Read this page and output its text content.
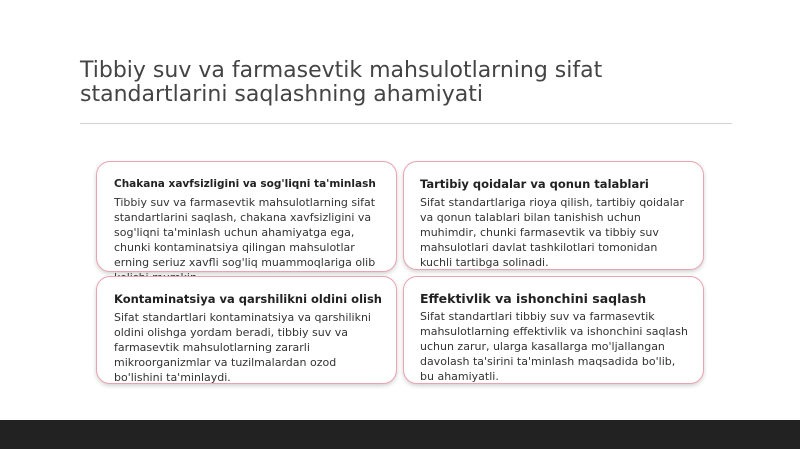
Tibbiy suv va farmasevtik mahsulotlarning sifat standartlarini saqlashning ahamiyati
Chakana xavfsizligini va sog'liqni ta'minlash

Tibbiy suv va farmasevtik mahsulotlarning sifat standartlarini saqlash, chakana xavfsizligini va sog'liqni ta'minlash uchun ahamiyatga ega, chunki kontaminatsiya qilingan mahsulotlar erning seriuz xavfli sog'liq muammoqlariga olib

Tartibiy qoidalar va qonun talablari

Sifat standartlariga rioya qilish, tartibiy qoidalar va qonun talablari bilan tanishish uchun muhimdir, chunki farmasevtik va tibbiy suv mahsulotlari davlat tashkilotlari tomonidan kuchli tartibga solinadi.

Kontaminatsiya va qarshilikni oldini olish

Sifat standartlari kontaminatsiya va qarshilikni oldini olishga yordam beradi, tibbiy suv va farmasevtik mahsulotlarning zararli mikroorganizmlar va tuzilmalardan ozod bo'lishini ta'minlaydi.

Effektivlik va ishonchini saqlash

Sifat standartlari tibbiy suv va farmasevtik mahsulotlarning effektivlik va ishonchini saqlash uchun zarur, ularga kasallarga mo'ljallangan davolash ta'sirini ta'minlash maqsadida bo'lib, bu ahamiyatli.
